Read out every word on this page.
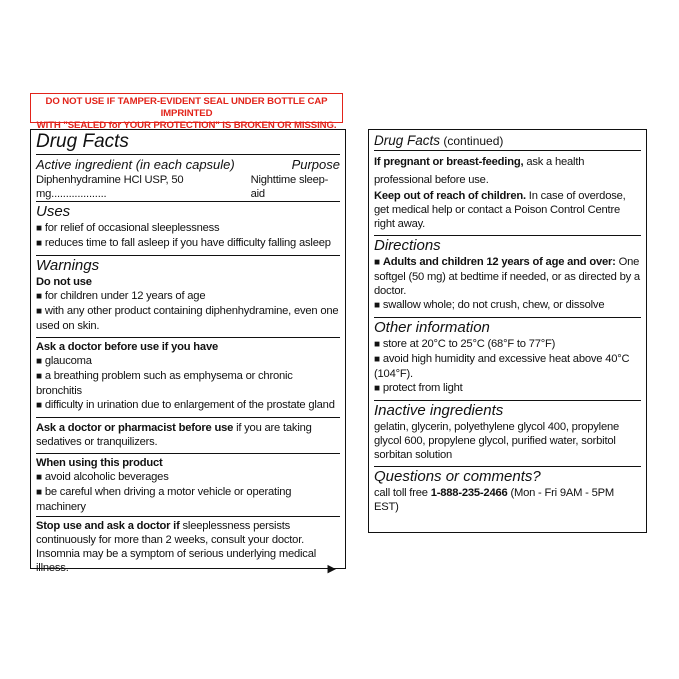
DO NOT USE IF TAMPER-EVIDENT SEAL UNDER BOTTLE CAP IMPRINTED
WITH "SEALED for YOUR PROTECTION" IS BROKEN OR MISSING.
Drug Facts
Active ingredient (in each capsule)	Purpose
Diphenhydramine HCl USP, 50 mg...................
Nighttime sleep-aid
Uses
■ for relief of occasional sleeplessness
■ reduces time to fall asleep if you have difficulty falling asleep
Warnings
Do not use
■ for children under 12 years of age
■ with any other product containing diphenhydramine, even one used on skin.
Ask a doctor before use if you have
■ glaucoma
■ a breathing problem such as emphysema or chronic bronchitis
■ difficulty in urination due to enlargement of the prostate gland
Ask a doctor or pharmacist before use if you are taking sedatives or tranquilizers.
When using this product
■ avoid alcoholic beverages
■ be careful when driving a motor vehicle or operating machinery
Stop use and ask a doctor if sleeplessness persists continuously for more than 2 weeks, consult your doctor. Insomnia may be a symptom of serious underlying medical illness.	▶
Drug Facts (continued)
If pregnant or breast-feeding, ask a health professional before use.
Keep out of reach of children. In case of overdose, get medical help or contact a Poison Control Centre right away.
Directions
■ Adults and children 12 years of age and over: One softgel (50 mg) at bedtime if needed, or as directed by a doctor.
■ swallow whole; do not crush, chew, or dissolve
Other information
■ store at 20°C to 25°C (68°F to 77°F)
■ avoid high humidity and excessive heat above 40°C (104°F).
■ protect from light
Inactive ingredients
gelatin, glycerin, polyethylene glycol 400, propylene glycol 600, propylene glycol, purified water, sorbitol sorbitan solution
Questions or comments?
call toll free 1-888-235-2466 (Mon - Fri 9AM - 5PM EST)
